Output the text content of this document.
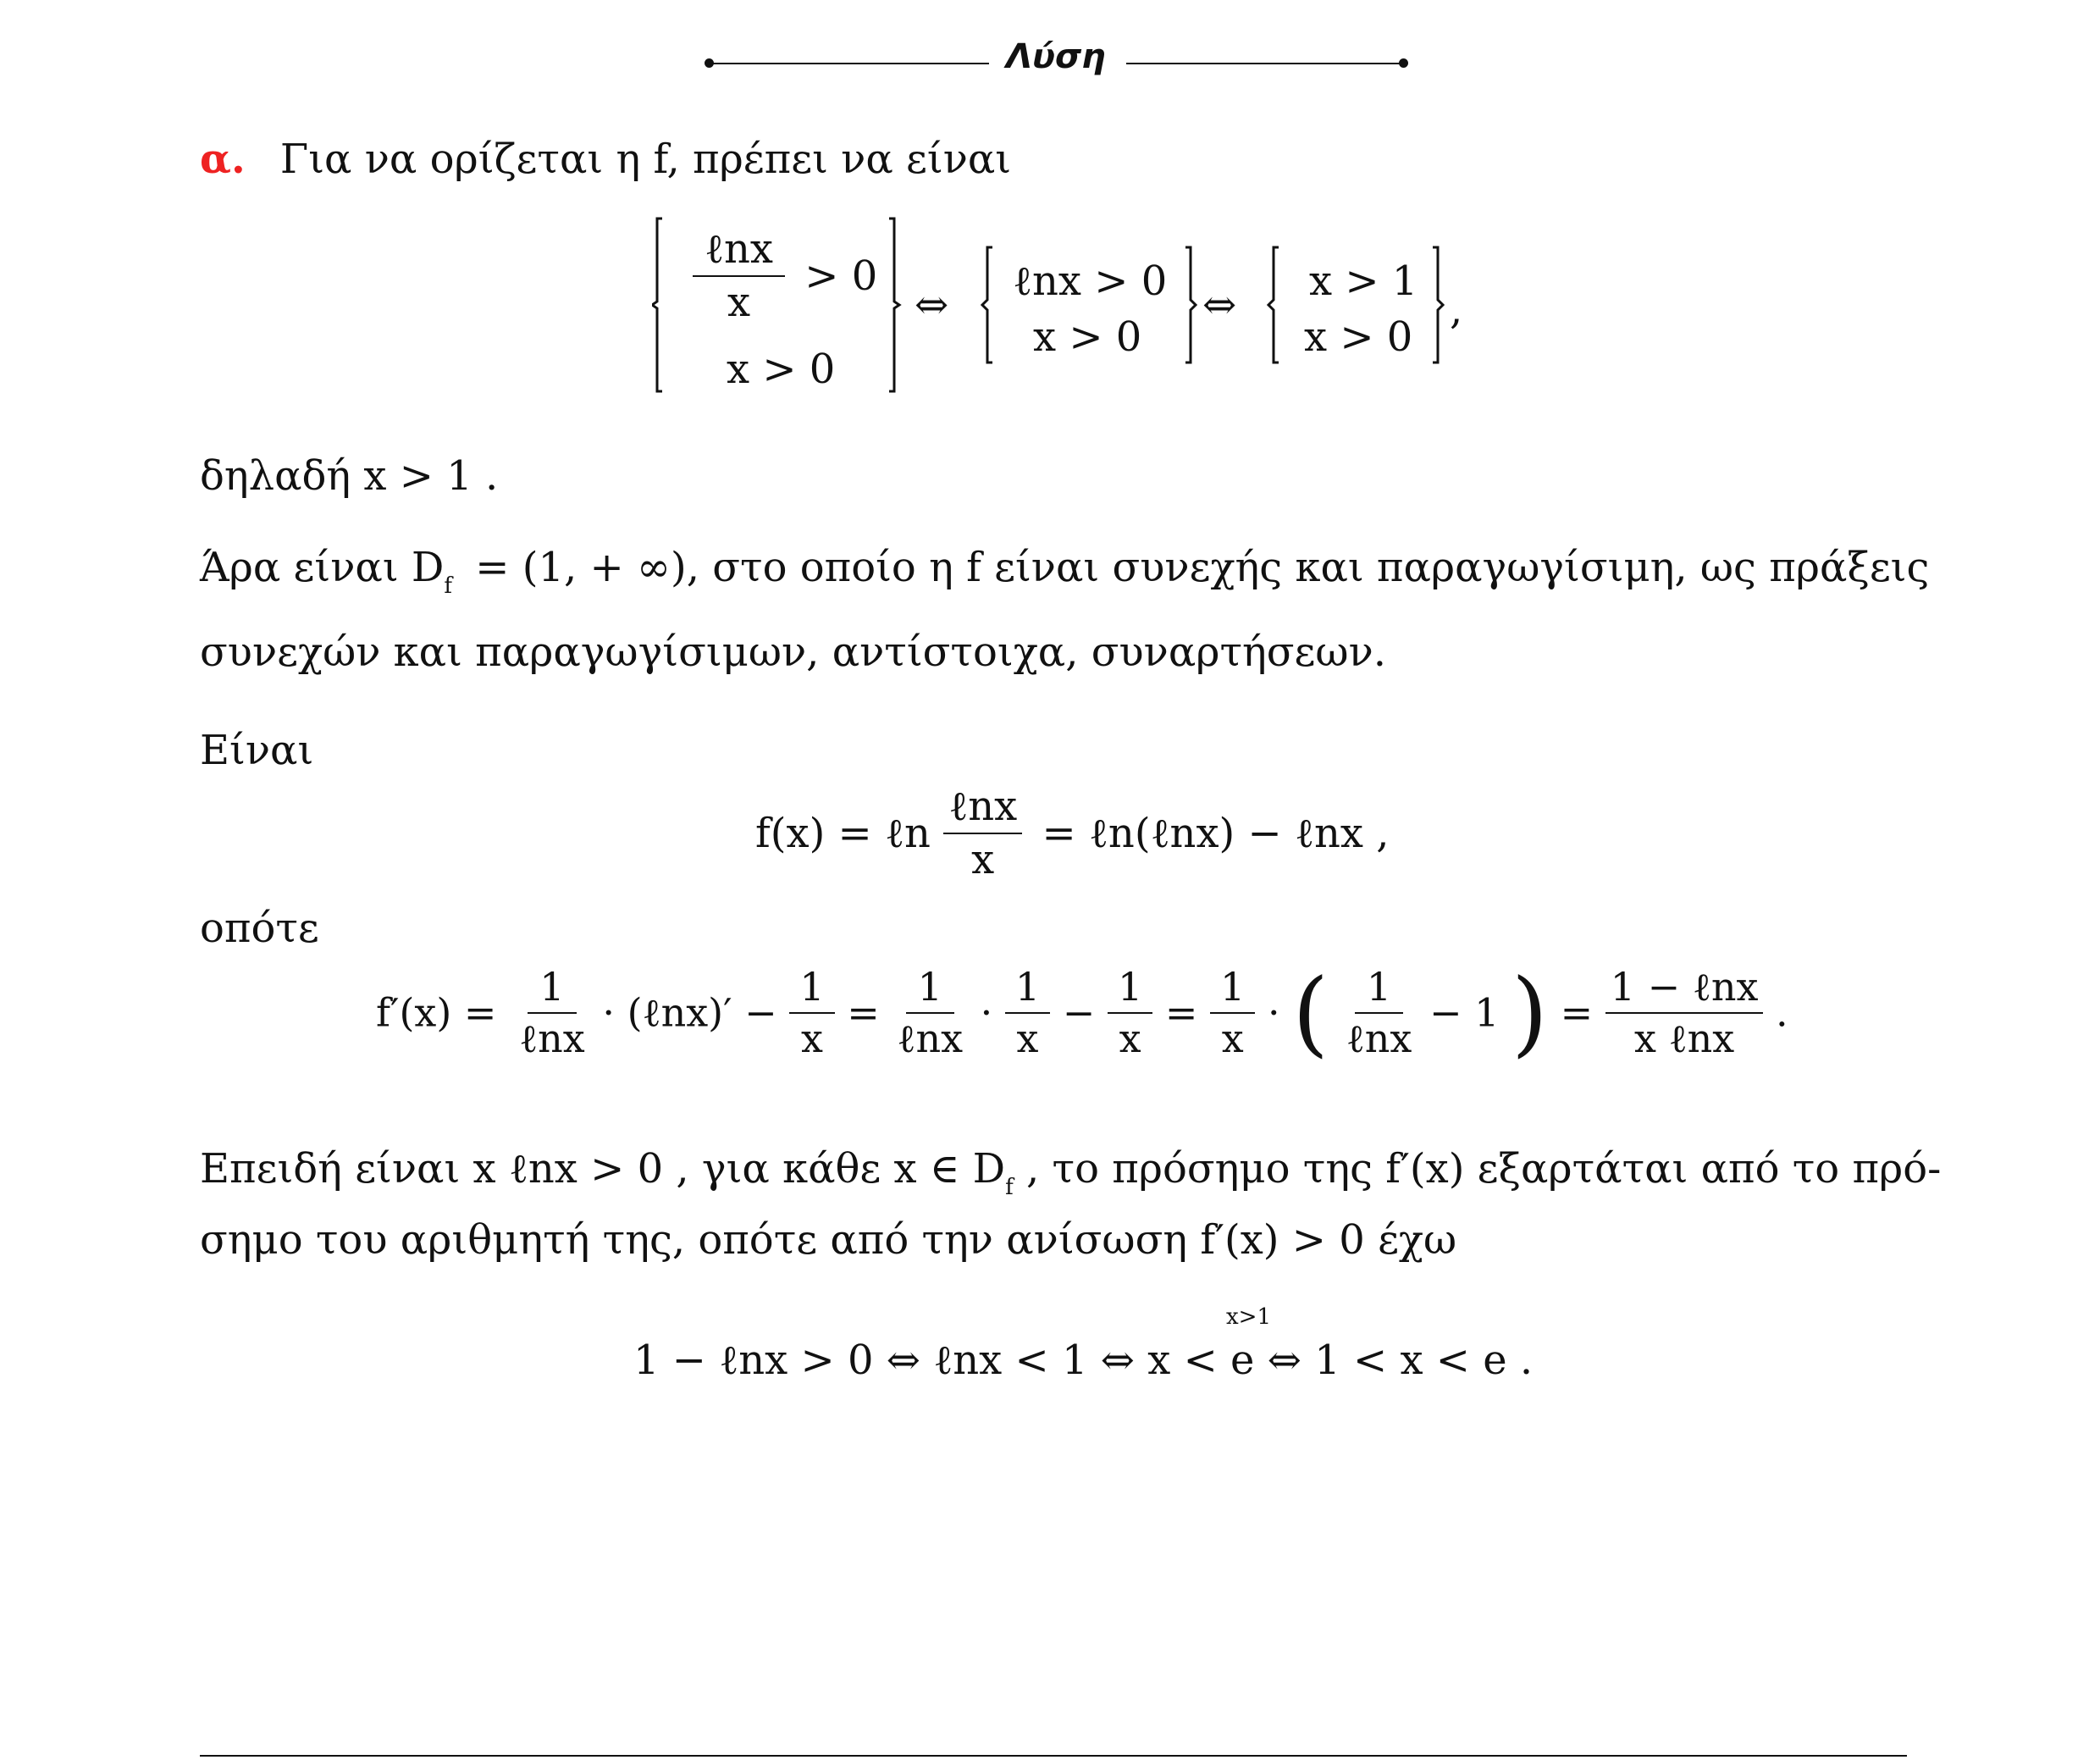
Λύση
α. Για να ορίζεται η f, πρέπει να είναι
$\frac{\text{ℓnx}}{x} > 0$
x > 0
⇔ ℓnx > 0
x > 0
⇔ x > 1
x > 0
,
δηλαδή x > 1 .
Άρα είναι $D_f = (1$, + ∞), στο οποίο η f είναι συνεχής και παραγωγίσιμη, ως πράξεις
συνεχών και παραγωγίσιμων, αντίστοιχα, συναρτήσεων.
Είναι
f(x) = ℓn $\frac{\text{ℓnx}}{x}$ = ℓn(ℓnx) − ℓnx ,
οπότε
$f'(x) = \frac{1}{\text{ℓnx}}$ · (ℓnx)′ − $\frac{1}{x} = \frac{1}{\text{ℓnx}} \cdot \frac{1}{x} - \frac{1}{x} = \frac{1}{x}$ · ( $\frac{1}{\text{ℓnx}} - 1$ ) = $\frac{\text{1 − ℓnx}}{\text{x ℓnx}}$ .
Επειδή είναι x ℓnx > 0 , για κάθε x ∈ $D_f$ , το πρόσημο της f′(x) εξαρτάται από το πρό-
σημο του αριθμητή της, οπότε από την ανίσωση f′(x) > 0 έχω
x>1
1 − ℓnx > 0 ⇔ ℓnx < 1 ⇔ x < e ⇔ 1 < x < e .
